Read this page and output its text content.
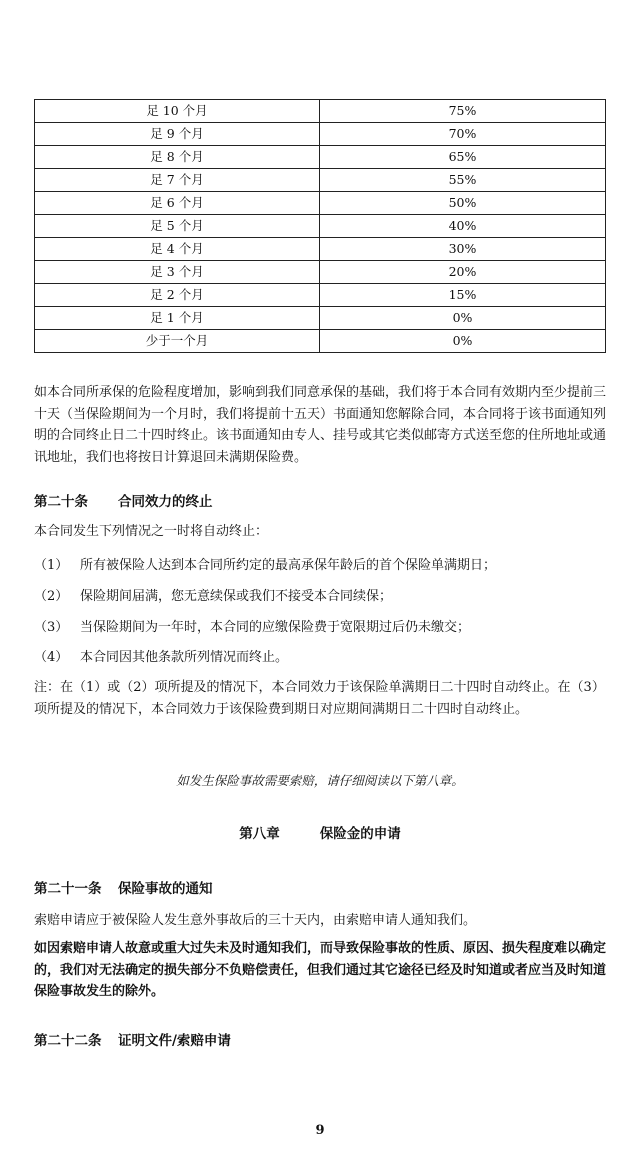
足 10 个月	75%
足 9 个月	70%
足 8 个月	65%
足 7 个月	55%
足 6 个月	50%
足 5 个月	40%
足 4 个月	30%
足 3 个月	20%
足 2 个月	15%
足 1 个月	0%
少于一个月	0%
如本合同所承保的危险程度增加，影响到我们同意承保的基础，我们将于本合同有效期内至少提前三十天（当保险期间为一个月时，我们将提前十五天）书面通知您解除合同，本合同将于该书面通知列明的合同终止日二十四时终止。该书面通知由专人、挂号或其它类似邮寄方式送至您的住所地址或通讯地址，我们也将按日计算退回未满期保险费。
第二十条 合同效力的终止
本合同发生下列情况之一时将自动终止：
（1） 所有被保险人达到本合同所约定的最高承保年龄后的首个保险单满期日；
（2） 保险期间届满，您无意续保或我们不接受本合同续保；
（3） 当保险期间为一年时，本合同的应缴保险费于宽限期过后仍未缴交；
（4） 本合同因其他条款所列情况而终止。
注：在（1）或（2）项所提及的情况下，本合同效力于该保险单满期日二十四时自动终止。在（3）项所提及的情况下，本合同效力于该保险费到期日对应期间满期日二十四时自动终止。
如发生保险事故需要索赔，请仔细阅读以下第八章。
第八章	保险金的申请
第二十一条 保险事故的通知
索赔申请应于被保险人发生意外事故后的三十天内，由索赔申请人通知我们。
如因索赔申请人故意或重大过失未及时通知我们，而导致保险事故的性质、原因、损失程度难以确定的，我们对无法确定的损失部分不负赔偿责任，但我们通过其它途径已经及时知道或者应当及时知道保险事故发生的除外。
第二十二条 证明文件/索赔申请
9
